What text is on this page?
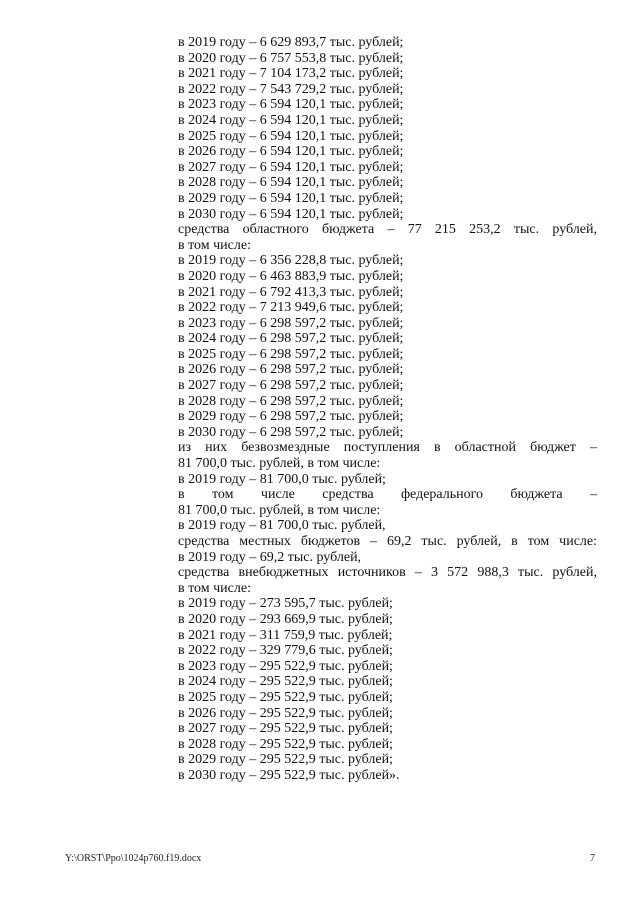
в 2019 году – 6 629 893,7 тыс. рублей;
в 2020 году – 6 757 553,8 тыс. рублей;
в 2021 году – 7 104 173,2 тыс. рублей;
в 2022 году – 7 543 729,2 тыс. рублей;
в 2023 году – 6 594 120,1 тыс. рублей;
в 2024 году – 6 594 120,1 тыс. рублей;
в 2025 году – 6 594 120,1 тыс. рублей;
в 2026 году – 6 594 120,1 тыс. рублей;
в 2027 году – 6 594 120,1 тыс. рублей;
в 2028 году – 6 594 120,1 тыс. рублей;
в 2029 году – 6 594 120,1 тыс. рублей;
в 2030 году – 6 594 120,1 тыс. рублей;
средства областного бюджета – 77 215 253,2 тыс. рублей,
в том числе:
в 2019 году – 6 356 228,8 тыс. рублей;
в 2020 году – 6 463 883,9 тыс. рублей;
в 2021 году – 6 792 413,3 тыс. рублей;
в 2022 году – 7 213 949,6 тыс. рублей;
в 2023 году – 6 298 597,2 тыс. рублей;
в 2024 году – 6 298 597,2 тыс. рублей;
в 2025 году – 6 298 597,2 тыс. рублей;
в 2026 году – 6 298 597,2 тыс. рублей;
в 2027 году – 6 298 597,2 тыс. рублей;
в 2028 году – 6 298 597,2 тыс. рублей;
в 2029 году – 6 298 597,2 тыс. рублей;
в 2030 году – 6 298 597,2 тыс. рублей;
из них безвозмездные поступления в областной бюджет –
81 700,0 тыс. рублей, в том числе:
в 2019 году – 81 700,0 тыс. рублей;
в том числе средства федерального бюджета –
81 700,0 тыс. рублей, в том числе:
в 2019 году – 81 700,0 тыс. рублей,
средства местных бюджетов – 69,2 тыс. рублей, в том числе:
в 2019 году – 69,2 тыс. рублей,
средства внебюджетных источников – 3 572 988,3 тыс. рублей,
в том числе:
в 2019 году – 273 595,7 тыс. рублей;
в 2020 году – 293 669,9 тыс. рублей;
в 2021 году – 311 759,9 тыс. рублей;
в 2022 году – 329 779,6 тыс. рублей;
в 2023 году – 295 522,9 тыс. рублей;
в 2024 году – 295 522,9 тыс. рублей;
в 2025 году – 295 522,9 тыс. рублей;
в 2026 году – 295 522,9 тыс. рублей;
в 2027 году – 295 522,9 тыс. рублей;
в 2028 году – 295 522,9 тыс. рублей;
в 2029 году – 295 522,9 тыс. рублей;
в 2030 году – 295 522,9 тыс. рублей».
Y:\ORST\Ppo\1024p760.f19.docx	7
